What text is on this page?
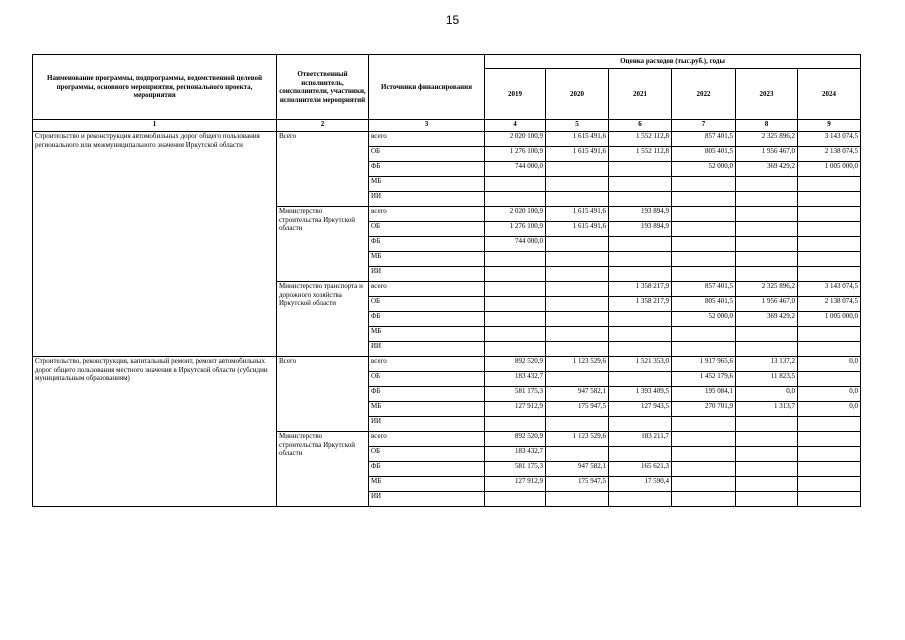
15
Наименование программы, подпрограммы, ведомственной целевой программы, основного мероприятия, регионального проекта, мероприятия	Ответственный исполнитель, соисполнители, участники, исполнители мероприятий	Источники финансирования	Оценка расходов (тыс.руб.), годы					
			2019	2020	2021	2022	2023	2024
1	2	3	4	5	6	7	8	9
Строительство и реконструкция автомобильных дорог общего пользования регионального или межмуниципального значения Иркутской области	Всего	всего	2 020 100,9	1 615 491,6	1 552 112,8	857 401,5	2 325 896,2	3 143 074,5
		ОБ	1 276 100,9	1 615 491,6	1 552 112,8	805 401,5	1 956 467,0	2 138 074,5
		ФБ	744 000,0			52 000,0	369 429,2	1 005 000,0
		МБ						
		ИИ						
	Министерство строительства Иркутской области	всего	2 020 100,9	1 615 491,6	193 894,9			
		ОБ	1 276 100,9	1 615 491,6	193 894,9			
		ФБ	744 000,0					
		МБ						
		ИИ						
	Министерство транспорта и дорожного хозяйства Иркутской области	всего			1 358 217,9	857 401,5	2 325 896,2	3 143 074,5
		ОБ			1 358 217,9	805 401,5	1 956 467,0	2 138 074,5
		ФБ				52 000,0	369 429,2	1 005 000,0
		МБ						
		ИИ						
Строительство, реконструкция, капитальный ремонт, ремонт автомобильных дорог общего пользования местного значения в Иркутской области (субсидии муниципальным образованиям)	Всего	всего	892 520,9	1 123 529,6	1 521 353,0	1 917 965,6	13 137,2	0,0
		ОБ	183 432,7			1 452 179,6	11 823,5	
		ФБ	581 175,3	947 582,1	1 393 409,5	195 084,1	0,0	0,0
		МБ	127 912,9	175 947,5	127 943,5	270 701,9	1 313,7	0,0
		ИИ						
	Министерство строительства Иркутской области	всего	892 520,9	1 123 529,6	183 211,7			
		ОБ	183 432,7					
		ФБ	581 175,3	947 582,1	165 621,3			
		МБ	127 912,9	175 947,5	17 590,4			
		ИИ						
